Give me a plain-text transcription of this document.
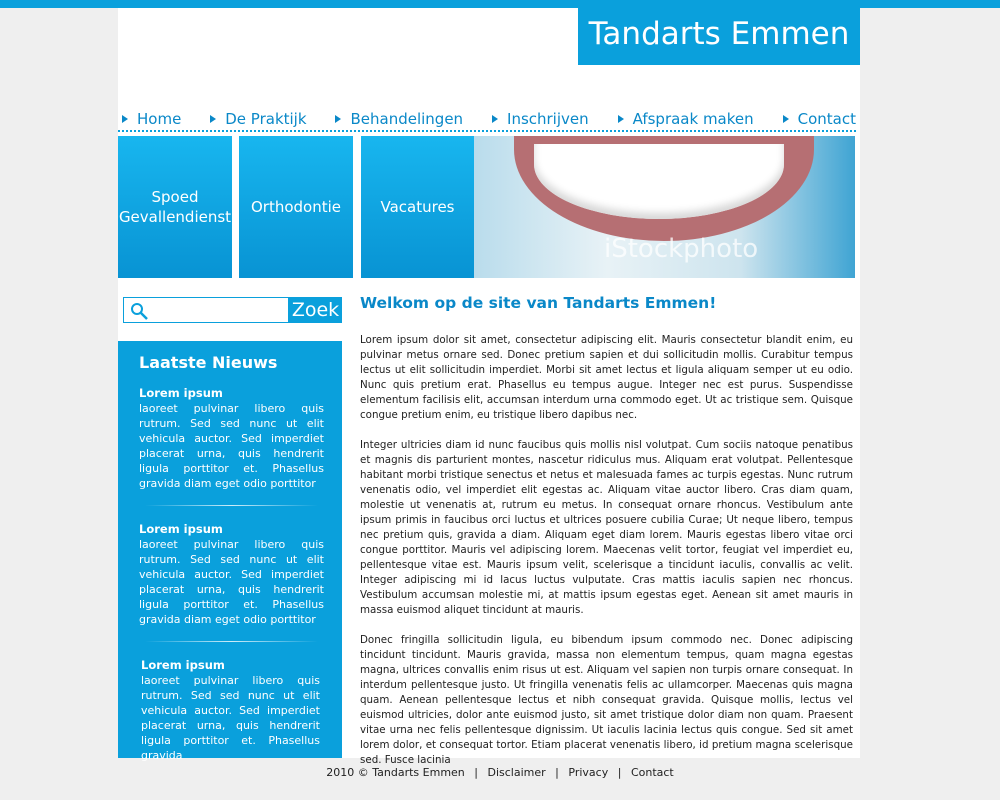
Tandarts Emmen
Home	De Praktijk	Behandelingen	Inschrijven	Afspraak maken	Contact
Spoed
Gevallendienst
Orthodontie	Vacatures
iStockphoto
Zoek
Laatste Nieuws
Lorem ipsum
laoreet pulvinar libero quis rutrum. Sed sed nunc ut elit vehicula auctor. Sed imperdiet placerat urna, quis hendrerit ligula porttitor et. Phasellus gravida diam eget odio porttitor
Lorem ipsum
laoreet pulvinar libero quis rutrum. Sed sed nunc ut elit vehicula auctor. Sed imperdiet placerat urna, quis hendrerit ligula porttitor et. Phasellus gravida diam eget odio porttitor
Lorem ipsum
laoreet pulvinar libero quis rutrum. Sed sed nunc ut elit vehicula auctor. Sed imperdiet placerat urna, quis hendrerit ligula porttitor et. Phasellus gravida
Welkom op de site van Tandarts Emmen!

Lorem ipsum dolor sit amet, consectetur adipiscing elit. Mauris consectetur blandit enim, eu pulvinar metus ornare sed. Donec pretium sapien et dui sollicitudin mollis. Curabitur tempus lectus ut elit sollicitudin imperdiet. Morbi sit amet lectus et ligula aliquam semper ut eu odio. Nunc quis pretium erat. Phasellus eu tempus augue. Integer nec est purus. Suspendisse elementum facilisis elit, accumsan interdum urna commodo eget. Ut ac tristique sem. Quisque congue pretium enim, eu tristique libero dapibus nec.

Integer ultricies diam id nunc faucibus quis mollis nisl volutpat. Cum sociis natoque penatibus et magnis dis parturient montes, nascetur ridiculus mus. Aliquam erat volutpat. Pellentesque habitant morbi tristique senectus et netus et malesuada fames ac turpis egestas. Nunc rutrum venenatis odio, vel imperdiet elit egestas ac. Aliquam vitae auctor libero. Cras diam quam, molestie ut venenatis at, rutrum eu metus. In consequat ornare rhoncus. Vestibulum ante ipsum primis in faucibus orci luctus et ultrices posuere cubilia Curae; Ut neque libero, tempus nec pretium quis, gravida a diam. Aliquam eget diam lorem. Mauris egestas libero vitae orci congue porttitor. Mauris vel adipiscing lorem. Maecenas velit tortor, feugiat vel imperdiet eu, pellentesque vitae est. Mauris ipsum velit, scelerisque a tincidunt iaculis, convallis ac velit. Integer adipiscing mi id lacus luctus vulputate. Cras mattis iaculis sapien nec rhoncus. Vestibulum accumsan molestie mi, at mattis ipsum egestas eget. Aenean sit amet mauris in massa euismod aliquet tincidunt at mauris.

Donec fringilla sollicitudin ligula, eu bibendum ipsum commodo nec. Donec adipiscing tincidunt tincidunt. Mauris gravida, massa non elementum tempus, quam magna egestas magna, ultrices convallis enim risus ut est. Aliquam vel sapien non turpis ornare consequat. In interdum pellentesque justo. Ut fringilla venenatis felis ac ullamcorper. Maecenas quis magna quam. Aenean pellentesque lectus et nibh consequat gravida. Quisque mollis, lectus vel euismod ultricies, dolor ante euismod justo, sit amet tristique dolor diam non quam. Praesent vitae urna nec felis pellentesque dignissim. Ut iaculis lacinia lectus quis congue. Sed sit amet lorem dolor, et consequat tortor. Etiam placerat venenatis libero, id pretium magna scelerisque sed. Fusce lacinia

2010 © Tandarts Emmen | Disclaimer | Privacy | Contact
